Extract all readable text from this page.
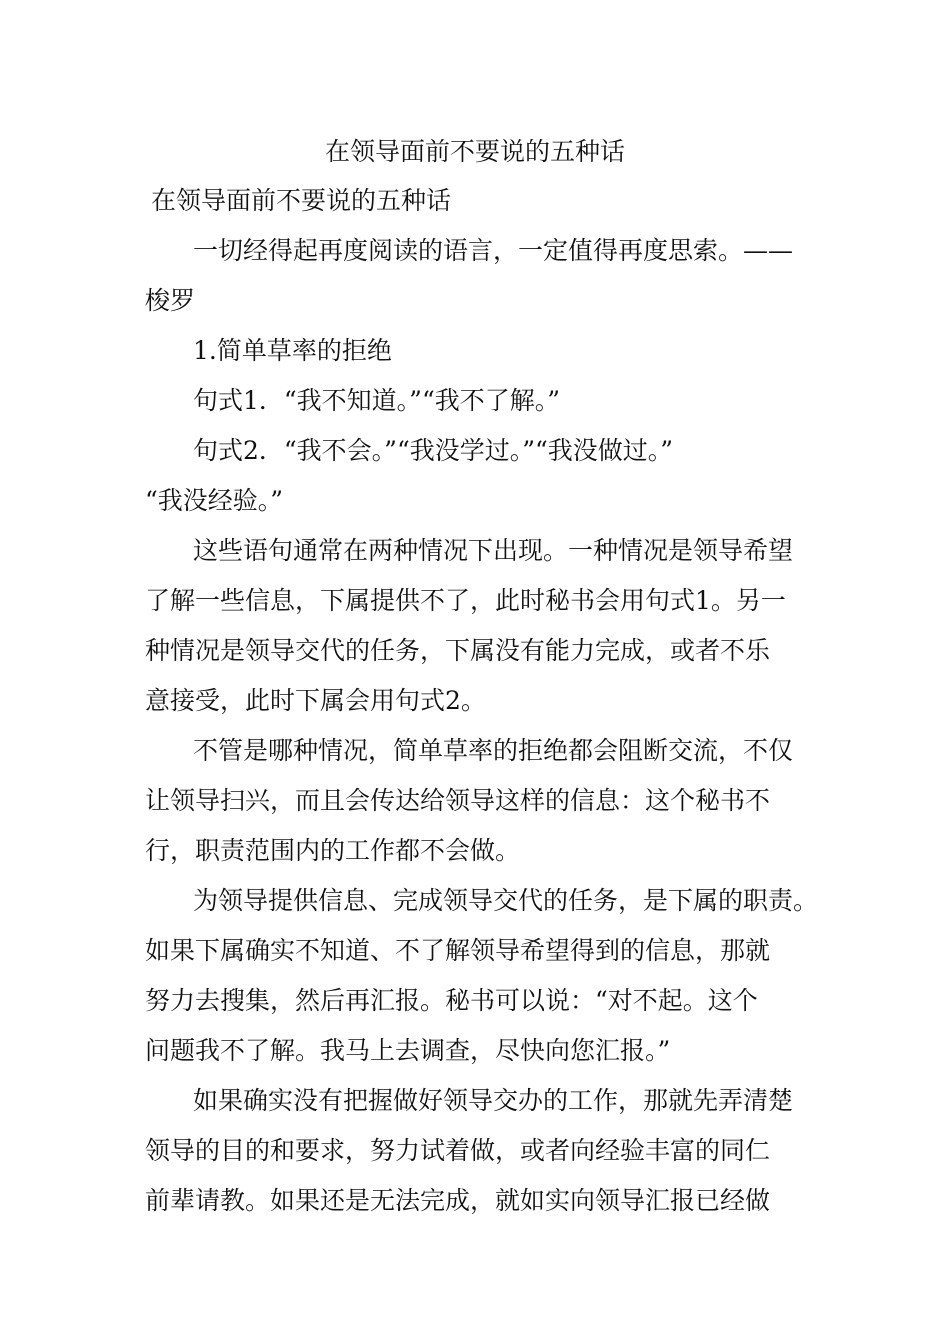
在领导面前不要说的五种话
在领导面前不要说的五种话
一切经得起再度阅读的语言，一定值得再度思索。——
梭罗
1.简单草率的拒绝
句式1．“我不知道。”“我不了解。”
句式2．“我不会。”“我没学过。”“我没做过。”
“我没经验。”
这些语句通常在两种情况下出现。一种情况是领导希望
了解一些信息，下属提供不了，此时秘书会用句式1。另一
种情况是领导交代的任务，下属没有能力完成，或者不乐
意接受，此时下属会用句式2。
不管是哪种情况，简单草率的拒绝都会阻断交流，不仅
让领导扫兴，而且会传达给领导这样的信息：这个秘书不
行，职责范围内的工作都不会做。
为领导提供信息、完成领导交代的任务，是下属的职责。
如果下属确实不知道、不了解领导希望得到的信息，那就
努力去搜集，然后再汇报。秘书可以说：“对不起。这个
问题我不了解。我马上去调查，尽快向您汇报。”
如果确实没有把握做好领导交办的工作，那就先弄清楚
领导的目的和要求，努力试着做，或者向经验丰富的同仁
前辈请教。如果还是无法完成，就如实向领导汇报已经做
